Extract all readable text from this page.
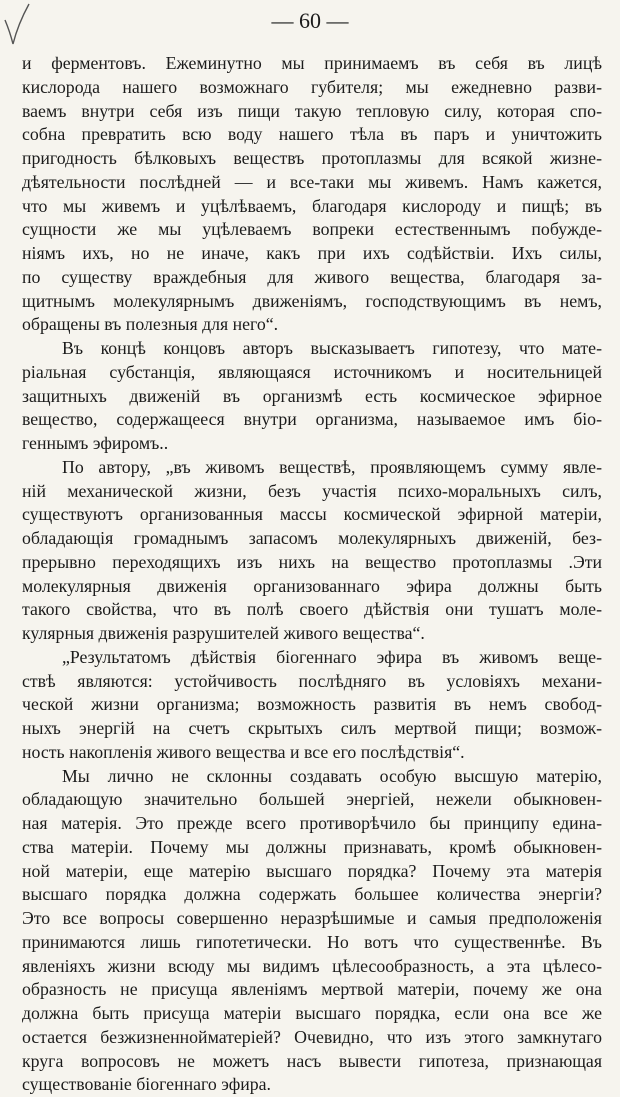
— 60 —
и ферментовъ. Ежеминутно мы принимаемъ въ себя въ лицѣ
кислорода нашего возможнаго губителя; мы ежедневно разви-
ваемъ внутри себя изъ пищи такую тепловую силу, которая спо-
собна превратить всю воду нашего тѣла въ паръ и уничтожить
пригодность бѣлковыхъ веществъ протоплазмы для всякой жизне-
дѣятельности послѣдней — и все-таки мы живемъ. Намъ кажется,
что мы живемъ и уцѣлѣваемъ, благодаря кислороду и пищѣ; въ
сущности же мы уцѣлеваемъ вопреки естественнымъ побужде-
ніямъ ихъ, но не иначе, какъ при ихъ содѣйствіи. Ихъ силы,
по существу враждебныя для живого вещества, благодаря за-
щитнымъ молекулярнымъ движеніямъ, господствующимъ въ немъ,
обращены въ полезныя для него“.
Въ концѣ концовъ авторъ высказываетъ гипотезу, что мате-
ріальная субстанція, являющаяся источникомъ и носительницей
защитныхъ движеній въ организмѣ есть космическое эфирное
вещество, содержащееся внутри организма, называемое имъ біо-
геннымъ эфиромъ..
По автору, „въ живомъ веществѣ, проявляющемъ сумму явле-
ній механической жизни, безъ участія психо-моральныхъ силъ,
существуютъ организованныя массы космической эфирной матеріи,
обладающія громаднымъ запасомъ молекулярныхъ движеній, без-
прерывно переходящихъ изъ нихъ на вещество протоплазмы .Эти
молекулярныя движенія организованнаго эфира должны быть
такого свойства, что въ полѣ своего дѣйствія они тушатъ моле-
кулярныя движенія разрушителей живого вещества“.
„Результатомъ дѣйствія біогеннаго эфира въ живомъ веще-
ствѣ являются: устойчивость послѣдняго въ условіяхъ механи-
ческой жизни организма; возможность развитія въ немъ свобод-
ныхъ энергій на счетъ скрытыхъ силъ мертвой пищи; возмож-
ность накопленія живого вещества и все его послѣдствія“.
Мы лично не склонны создавать особую высшую матерію,
обладающую значительно большей энергіей, нежели обыкновен-
ная матерія. Это прежде всего противорѣчило бы принципу едина-
ства матеріи. Почему мы должны признавать, кромѣ обыкновен-
ной матеріи, еще матерію высшаго порядка? Почему эта матерія
высшаго порядка должна содержать большее количества энергіи?
Это все вопросы совершенно неразрѣшимые и самыя предположенія
принимаются лишь гипотетически. Но вотъ что существеннѣе. Въ
явленіяхъ жизни всюду мы видимъ цѣлесообразность, а эта цѣлесо-
образность не присуща явленіямъ мертвой матеріи, почему же она
должна быть присуща матеріи высшаго порядка, если она все же
остается безжизненнойматеріей? Очевидно, что изъ этого замкнутаго
круга вопросовъ не можетъ насъ вывести гипотеза, признающая
существованіе біогеннаго эфира.
